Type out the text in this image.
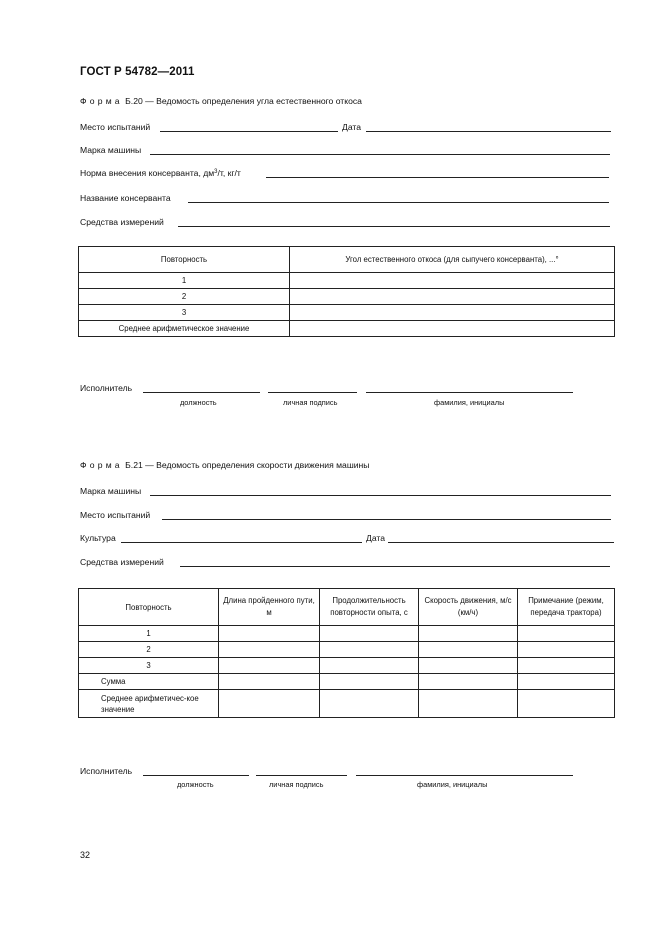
ГОСТ Р 54782—2011
Форма Б.20 — Ведомость определения угла естественного откоса
Место испытаний	Дата
Марка машины
Норма внесения консерванта, $дм^3/т$, кг/т
Название консерванта
Средства измерений
Повторность	Угол естественного откоса (для сыпучего консерванта), ...°
1	
2	
3	
Среднее арифметическое значение	
Исполнитель
должность	личная подпись	фамилия, инициалы
Форма Б.21 — Ведомость определения скорости движения машины
Марка машины
Место испытаний
Культура	Дата
Средства измерений
Повторность	Длина пройденного пути, м	Продолжительность повторности опыта, с	Скорость движения, м/с (км/ч)	Примечание (режим, передача трактора)
1				
2				
3				
Сумма				
Среднее арифметичес-кое значение				
Исполнитель
должность	личная подпись	фамилия, инициалы
32
